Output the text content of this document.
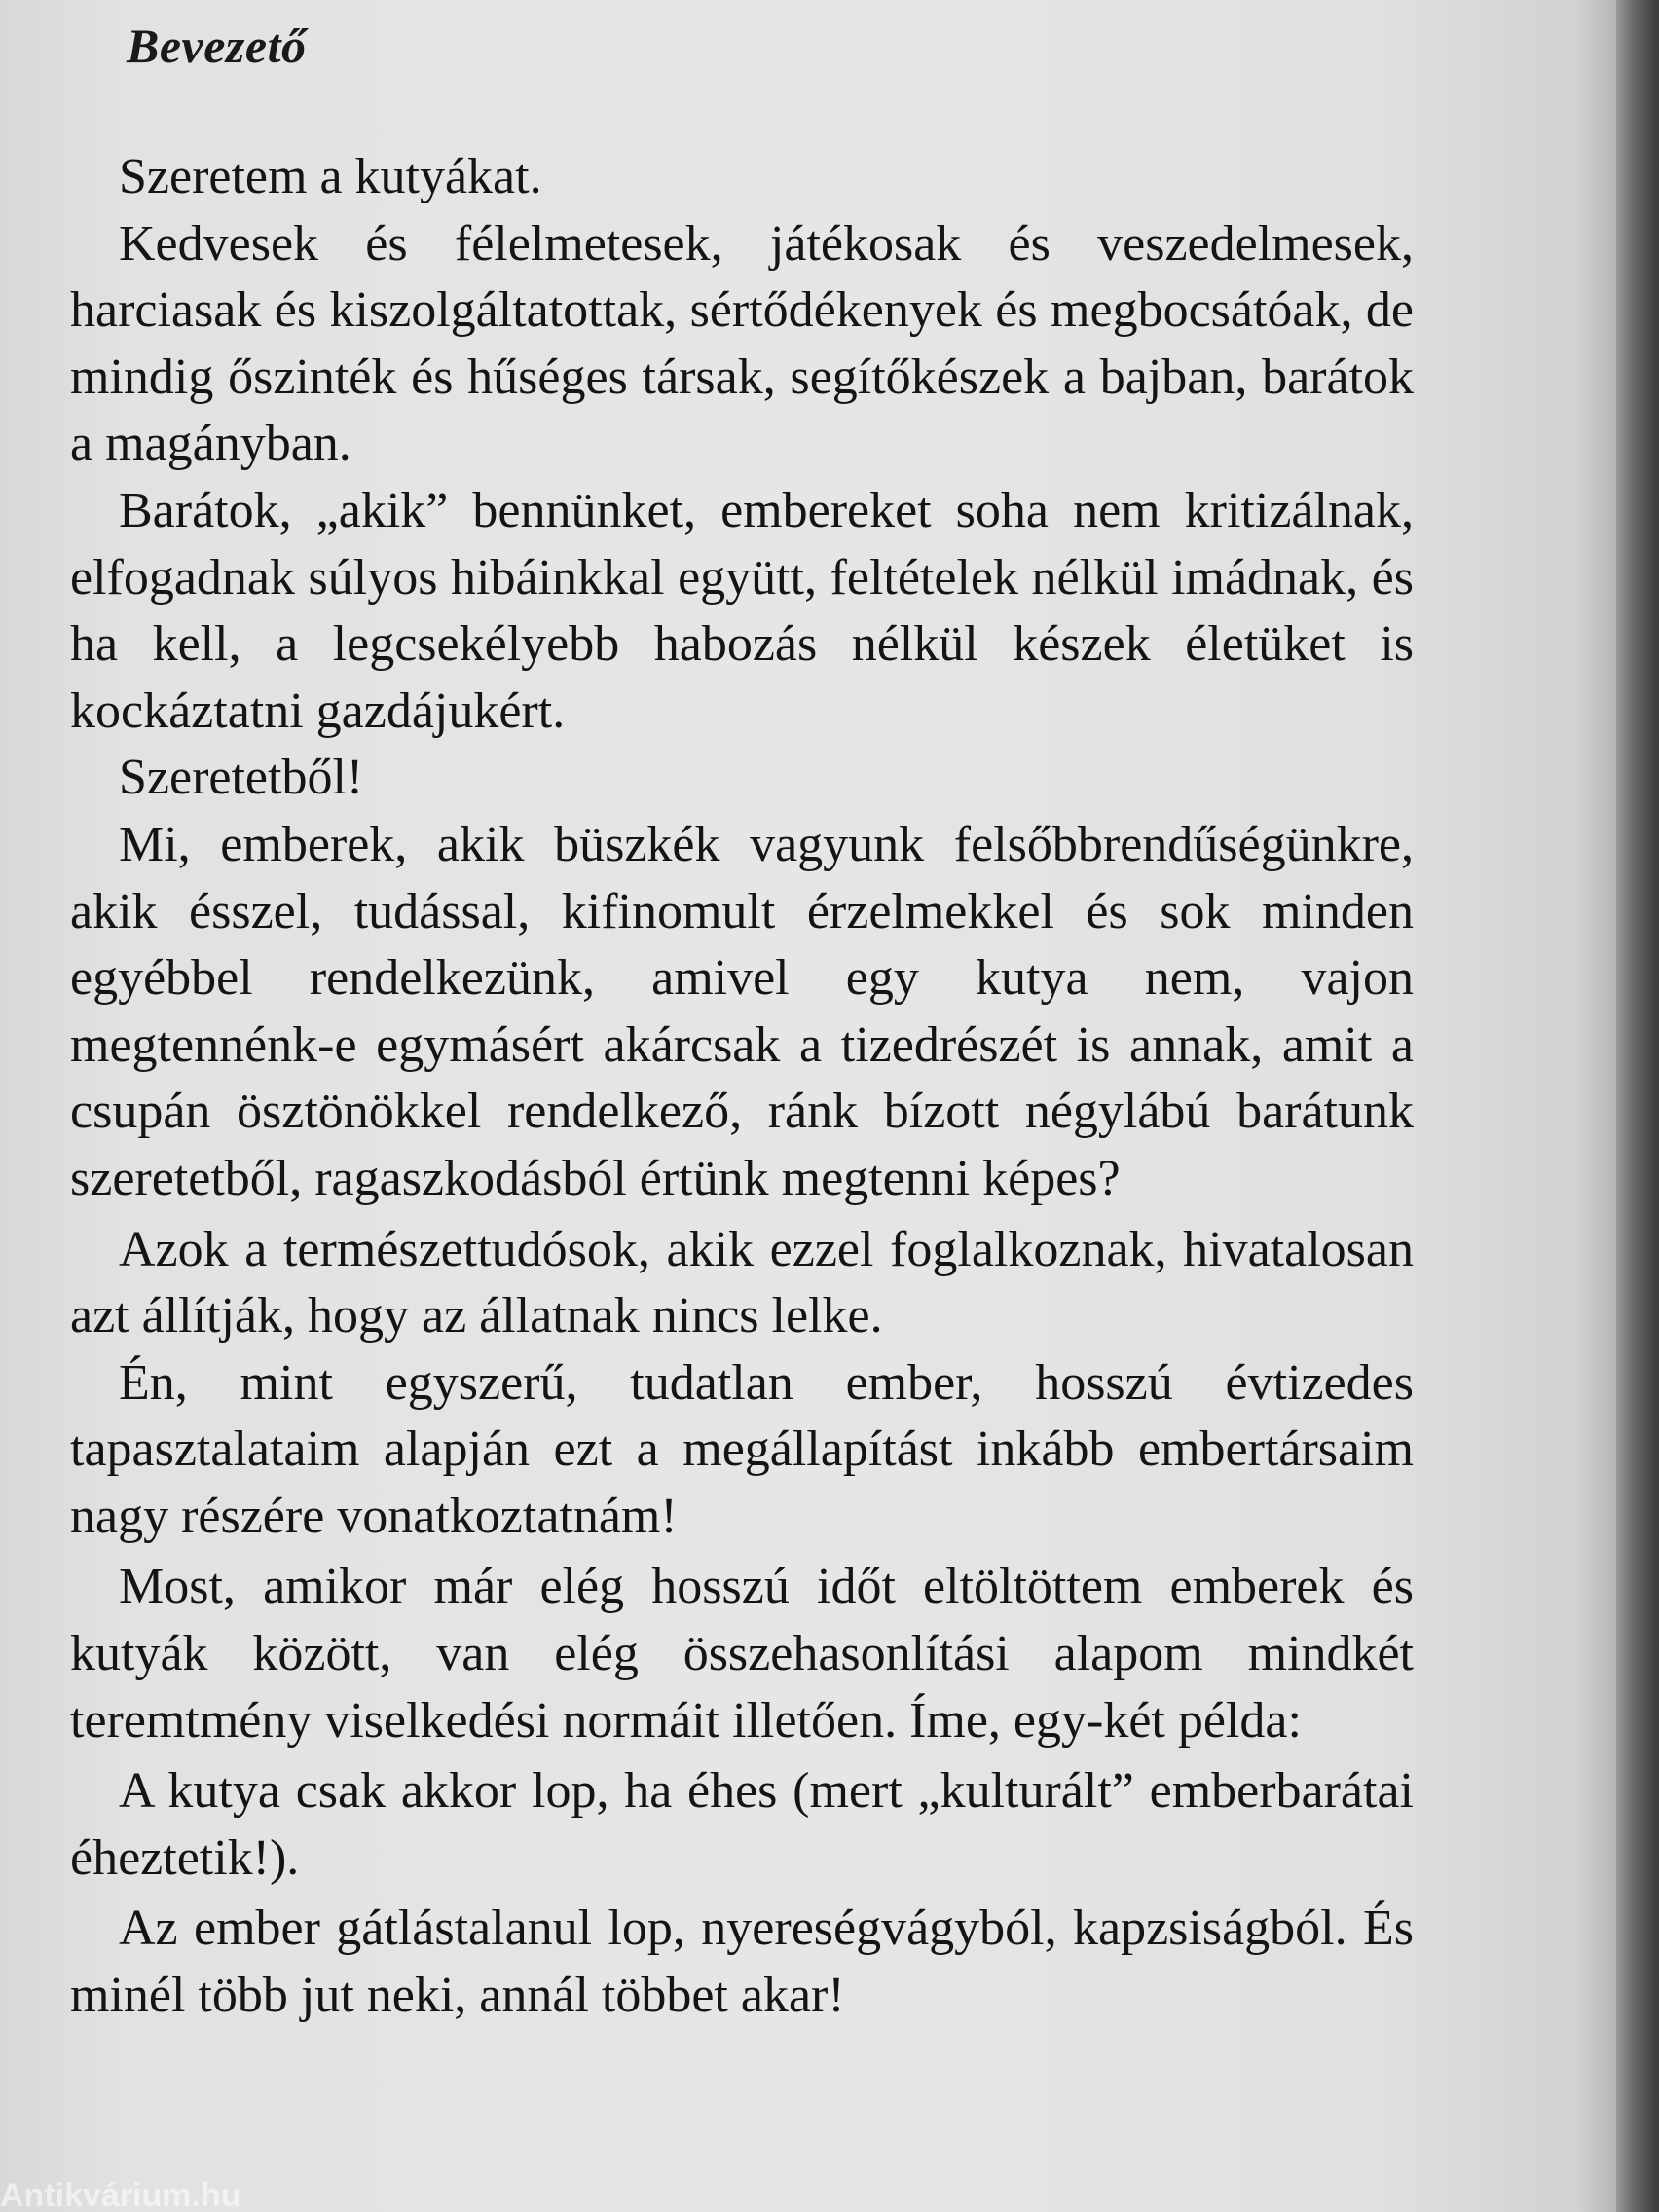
Bevezető

Szeretem a kutyákat.

Kedvesek és félelmetesek, játékosak és veszedelmesek, harciasak és kiszolgáltatottak, sértődékenyek és megbocsátóak, de mindig őszinték és hűséges társak, segítőkészek a bajban, barátok a magányban.

Barátok, „akik” bennünket, embereket soha nem kritizálnak, elfogadnak súlyos hibáinkkal együtt, feltételek nélkül imádnak, és ha kell, a legcsekélyebb habozás nélkül készek életüket is kockáztatni gazdájukért.

Szeretetből!

Mi, emberek, akik büszkék vagyunk felsőbbrendűségünkre, akik ésszel, tudással, kifinomult érzelmekkel és sok minden egyébbel rendelkezünk, amivel egy kutya nem, vajon megtennénk-e egymásért akárcsak a tizedrészét is annak, amit a csupán ösztönökkel rendelkező, ránk bízott négylábú barátunk szeretetből, ragaszkodásból értünk megtenni képes?

Azok a természettudósok, akik ezzel foglalkoznak, hivatalosan azt állítják, hogy az állatnak nincs lelke.

Én, mint egyszerű, tudatlan ember, hosszú évtizedes tapasztalataim alapján ezt a megállapítást inkább embertársaim nagy részére vonatkoztatnám!

Most, amikor már elég hosszú időt eltöltöttem emberek és kutyák között, van elég összehasonlítási alapom mindkét teremtmény viselkedési normáit illetően. Íme, egy-két példa:

A kutya csak akkor lop, ha éhes (mert „kulturált” emberbarátai éheztetik!).

Az ember gátlástalanul lop, nyereségvágyból, kapzsiságból. És minél több jut neki, annál többet akar!

Antikvárium.hu
